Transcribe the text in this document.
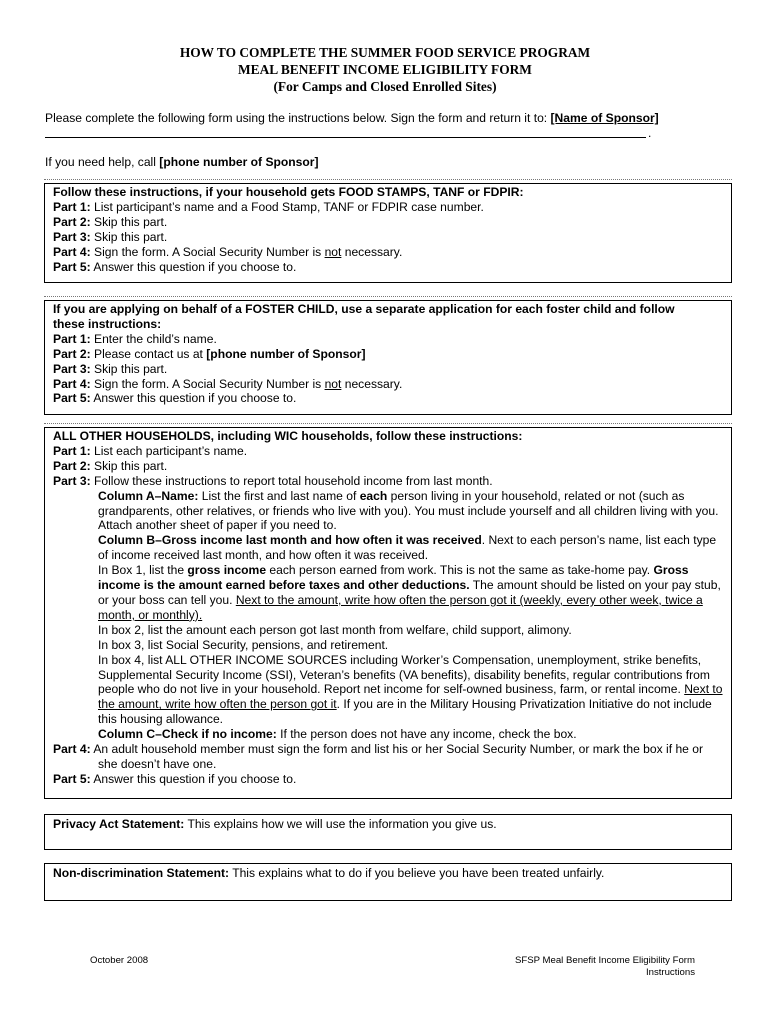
HOW TO COMPLETE THE SUMMER FOOD SERVICE PROGRAM
MEAL BENEFIT INCOME ELIGIBILITY FORM
(For Camps and Closed Enrolled Sites)
Please complete the following form using the instructions below. Sign the form and return it to: [Name of Sponsor]
.
If you need help, call [phone number of Sponsor]
Follow these instructions, if your household gets FOOD STAMPS, TANF or FDPIR:
Part 1: List participant’s name and a Food Stamp, TANF or FDPIR case number.
Part 2: Skip this part.
Part 3: Skip this part.
Part 4: Sign the form. A Social Security Number is not necessary.
Part 5: Answer this question if you choose to.
If you are applying on behalf of a FOSTER CHILD, use a separate application for each foster child and follow
these instructions:
Part 1: Enter the child’s name.
Part 2: Please contact us at [phone number of Sponsor]
Part 3: Skip this part.
Part 4: Sign the form. A Social Security Number is not necessary.
Part 5: Answer this question if you choose to.
ALL OTHER HOUSEHOLDS, including WIC households, follow these instructions:
Part 1: List each participant’s name.
Part 2: Skip this part.
Part 3: Follow these instructions to report total household income from last month.
Column A–Name: List the first and last name of each person living in your household, related or not (such as grandparents, other relatives, or friends who live with you). You must include yourself and all children living with you. Attach another sheet of paper if you need to.
Column B–Gross income last month and how often it was received. Next to each person’s name, list each type of income received last month, and how often it was received.
In Box 1, list the gross income each person earned from work. This is not the same as take-home pay. Gross income is the amount earned before taxes and other deductions. The amount should be listed on your pay stub, or your boss can tell you. Next to the amount, write how often the person got it (weekly, every other week, twice a month, or monthly).
In box 2, list the amount each person got last month from welfare, child support, alimony.
In box 3, list Social Security, pensions, and retirement.
In box 4, list ALL OTHER INCOME SOURCES including Worker’s Compensation, unemployment, strike benefits, Supplemental Security Income (SSI), Veteran’s benefits (VA benefits), disability benefits, regular contributions from people who do not live in your household. Report net income for self-owned business, farm, or rental income. Next to the amount, write how often the person got it. If you are in the Military Housing Privatization Initiative do not include this housing allowance.
Column C–Check if no income: If the person does not have any income, check the box.
Part 4: An adult household member must sign the form and list his or her Social Security Number, or mark the box if he or she doesn’t have one.
Part 5: Answer this question if you choose to.
Privacy Act Statement: This explains how we will use the information you give us.
Non-discrimination Statement: This explains what to do if you believe you have been treated unfairly.
October 2008	SFSP Meal Benefit Income Eligibility Form
Instructions
